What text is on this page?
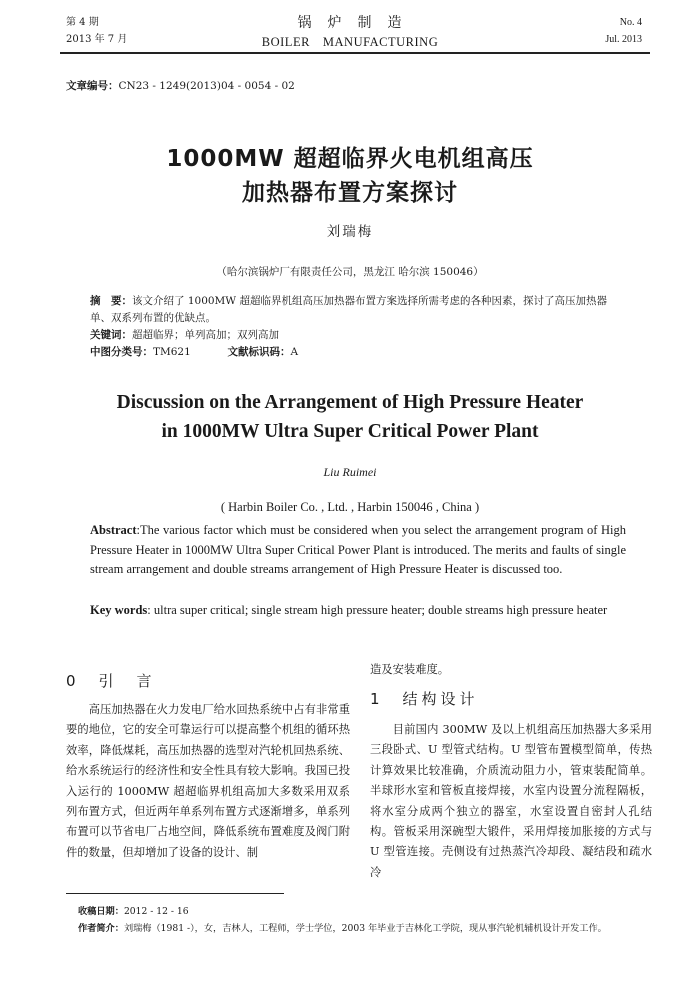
第 4 期
2013 年 7 月
锅　炉　制　造
BOILER　MANUFACTURING
No. 4
Jul. 2013
文章编号：CN23 - 1249(2013)04 - 0054 - 02
1000MW 超超临界火电机组高压
加热器布置方案探讨
刘瑞梅
（哈尔滨锅炉厂有限责任公司，黑龙江 哈尔滨 150046）
摘　要：该文介绍了 1000MW 超超临界机组高压加热器布置方案选择所需考虑的各种因素，探讨了高压加热器单、双系列布置的优缺点。
关键词：超超临界；单列高加；双列高加
中图分类号：TM621	文献标识码：A
Discussion on the Arrangement of High Pressure Heater
in 1000MW Ultra Super Critical Power Plant
Liu Ruimei
( Harbin Boiler Co. , Ltd. , Harbin 150046 , China )
Abstract:The various factor which must be considered when you select the arrangement program of High Pressure Heater in 1000MW Ultra Super Critical Power Plant is introduced. The merits and faults of single stream arrangement and double streams arrangement of High Pressure Heater is discussed too.
Key words: ultra super critical; single stream high pressure heater; double streams high pressure heater
0　引　言

高压加热器在火力发电厂给水回热系统中占有非常重要的地位，它的安全可靠运行可以提高整个机组的循环热效率，降低煤耗，高压加热器的选型对汽轮机回热系统、给水系统运行的经济性和安全性具有较大影响。我国已投入运行的 1000MW 超超临界机组高加大多数采用双系列布置方式，但近两年单系列布置方式逐渐增多，单系列布置可以节省电厂占地空间，降低系统布置难度及阀门附件的数量，但却增加了设备的设计、制

造及安装难度。
1　结构设计

目前国内 300MW 及以上机组高压加热器大多采用三段卧式、U 型管式结构。U 型管布置模型简单，传热计算效果比较准确，介质流动阻力小，管束装配简单。半球形水室和管板直接焊接，水室内设置分流程隔板，将水室分成两个独立的器室，水室设置自密封人孔结构。管板采用深碗型大锻件，采用焊接加胀接的方式与 U 型管连接。壳侧设有过热蒸汽冷却段、凝结段和疏水冷

收稿日期：2012 - 12 - 16
作者简介：刘瑞梅（1981 -），女，吉林人，工程师，学士学位，2003 年毕业于吉林化工学院，现从事汽轮机辅机设计开发工作。
